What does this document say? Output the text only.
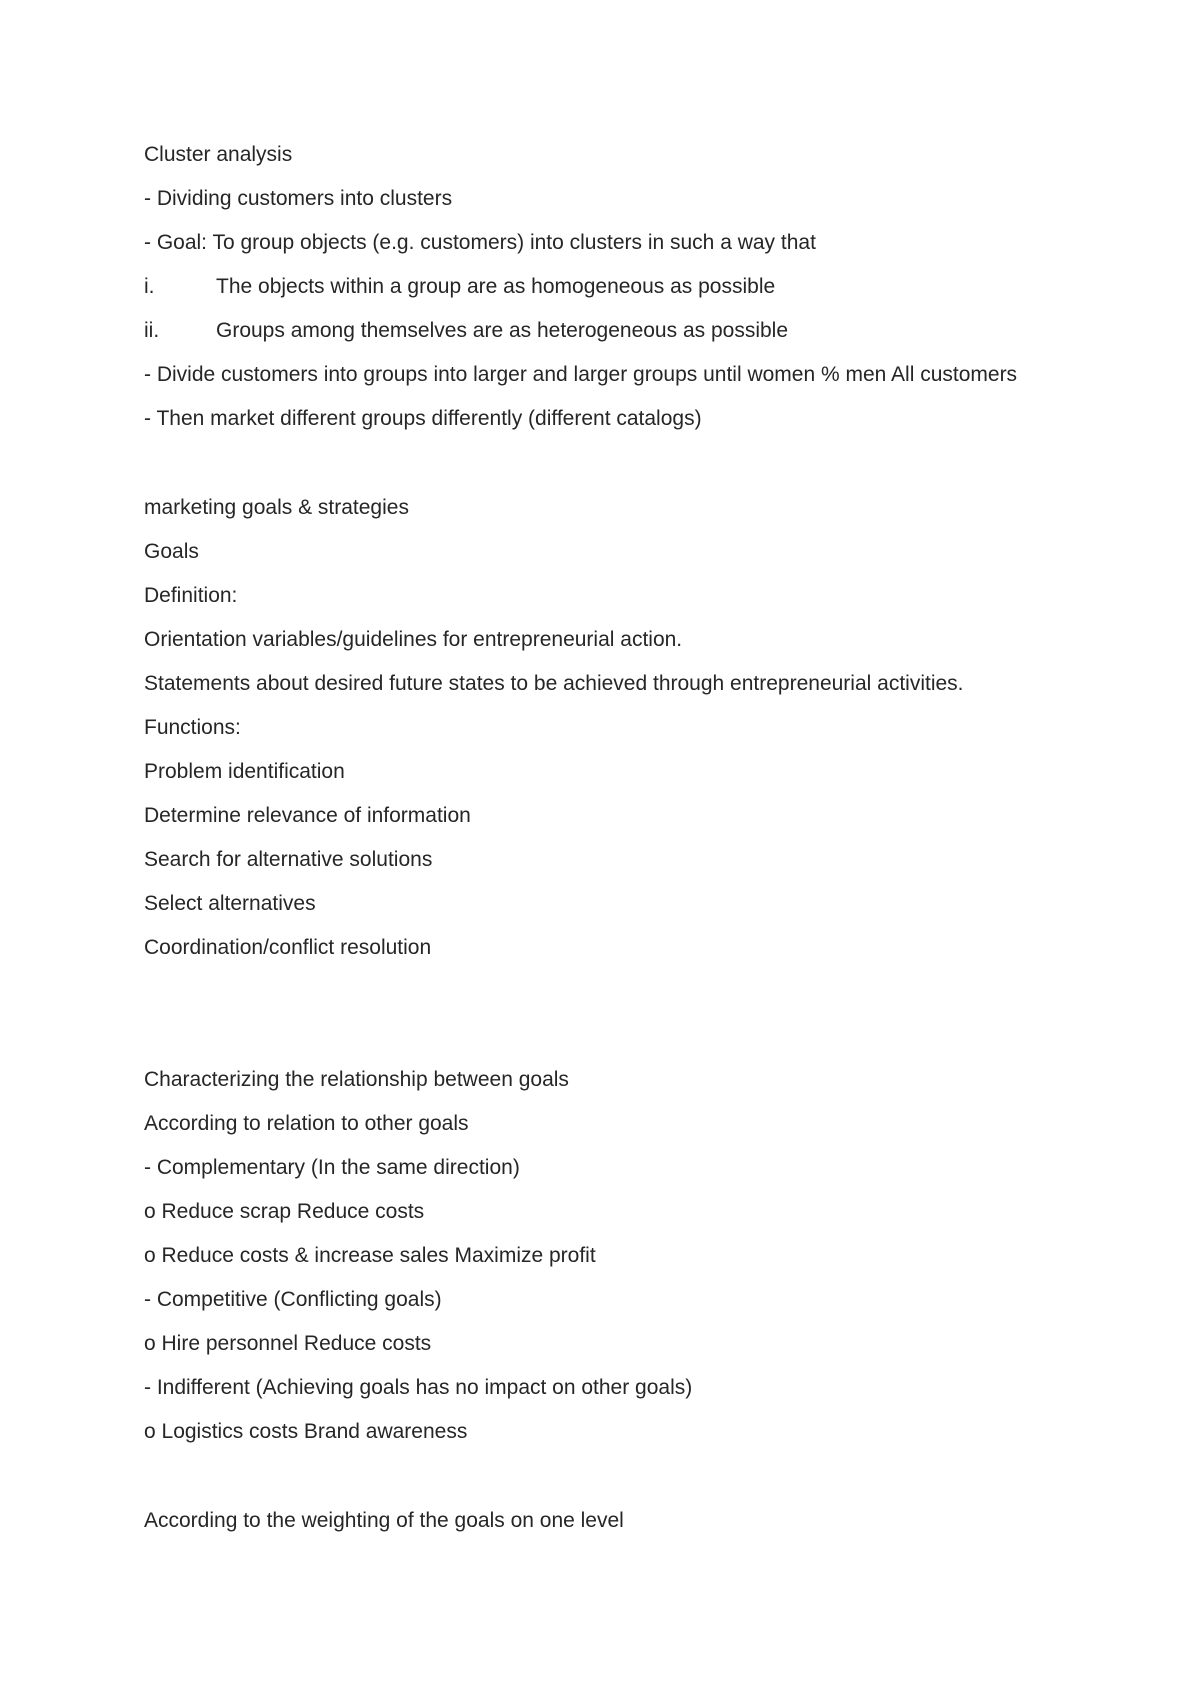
Cluster analysis
- Dividing customers into clusters
- Goal: To group objects (e.g. customers) into clusters in such a way that
i.	The objects within a group are as homogeneous as possible
ii.	Groups among themselves are as heterogeneous as possible
- Divide customers into groups into larger and larger groups until women % men All customers
- Then market different groups differently (different catalogs)
marketing goals & strategies
Goals
Definition:
Orientation variables/guidelines for entrepreneurial action.
Statements about desired future states to be achieved through entrepreneurial activities.
Functions:
Problem identification
Determine relevance of information
Search for alternative solutions
Select alternatives
Coordination/conflict resolution
Characterizing the relationship between goals
According to relation to other goals
- Complementary (In the same direction)
o Reduce scrap Reduce costs
o Reduce costs & increase sales Maximize profit
- Competitive (Conflicting goals)
o Hire personnel Reduce costs
- Indifferent (Achieving goals has no impact on other goals)
o Logistics costs Brand awareness
According to the weighting of the goals on one level
